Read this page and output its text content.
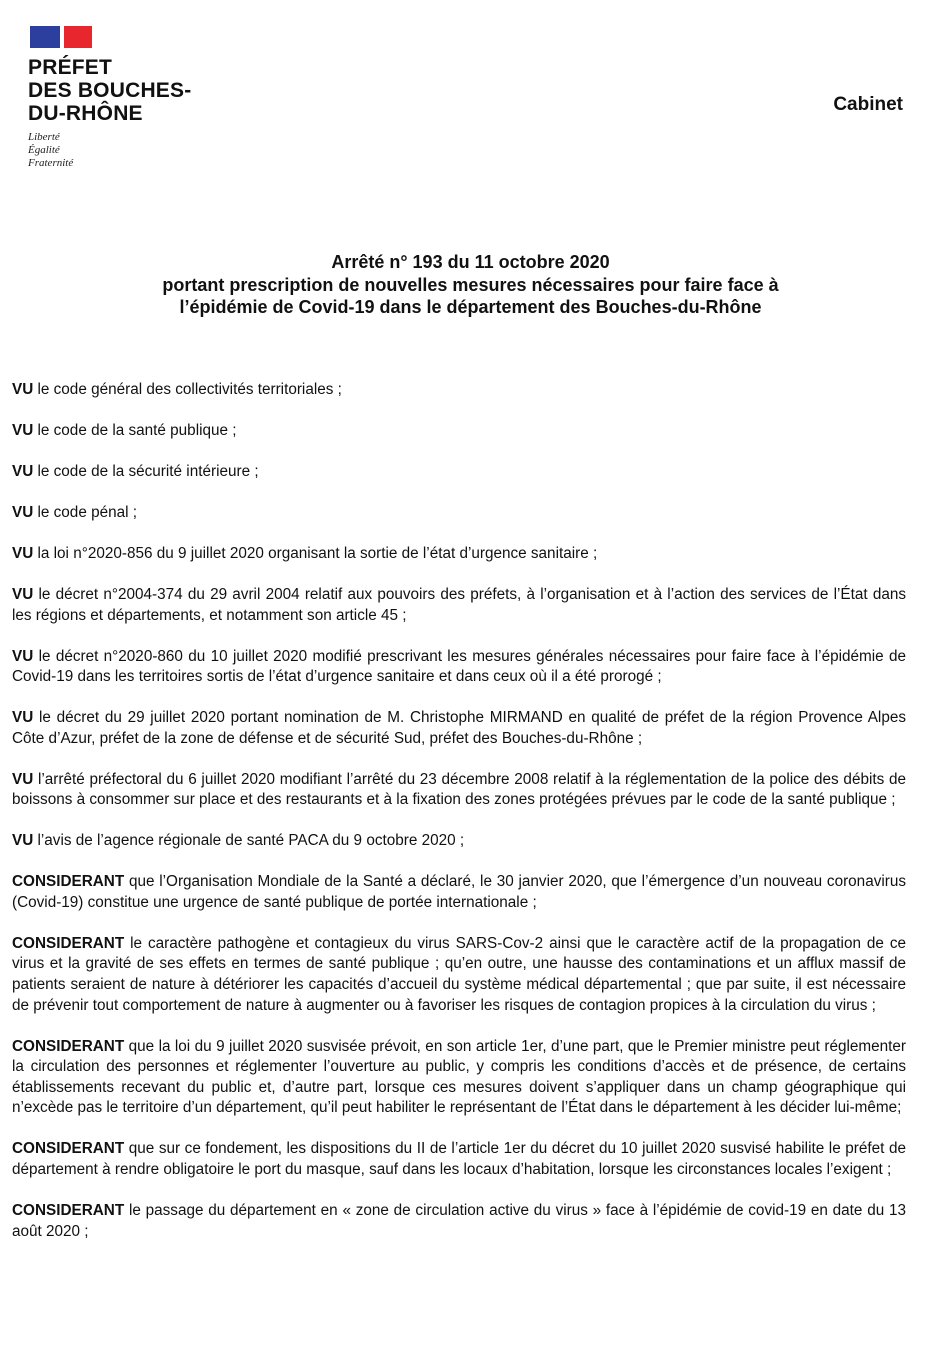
PRÉFET
DES BOUCHES-
DU-RHÔNE
Liberté
Égalité
Fraternité
Cabinet
Arrêté n° 193 du 11 octobre 2020
portant prescription de nouvelles mesures nécessaires pour faire face à
l’épidémie de Covid-19 dans le département des Bouches-du-Rhône

VU le code général des collectivités territoriales ;

VU le code de la santé publique ;

VU le code de la sécurité intérieure ;

VU le code pénal ;

VU la loi n°2020-856 du 9 juillet 2020 organisant la sortie de l’état d’urgence sanitaire ;

VU le décret n°2004-374 du 29 avril 2004 relatif aux pouvoirs des préfets, à l’organisation et à l’action des services de l’État dans les régions et départements, et notamment son article 45 ;

VU le décret n°2020-860 du 10 juillet 2020 modifié prescrivant les mesures générales nécessaires pour faire face à l’épidémie de Covid-19 dans les territoires sortis de l’état d’urgence sanitaire et dans ceux où il a été prorogé ;

VU le décret du 29 juillet 2020 portant nomination de M. Christophe MIRMAND en qualité de préfet de la région Provence Alpes Côte d’Azur, préfet de la zone de défense et de sécurité Sud, préfet des Bouches-du-Rhône ;

VU l’arrêté préfectoral du 6 juillet 2020 modifiant l’arrêté du 23 décembre 2008 relatif à la réglementation de la police des débits de boissons à consommer sur place et des restaurants et à la fixation des zones protégées prévues par le code de la santé publique ;

VU l’avis de l’agence régionale de santé PACA du 9 octobre 2020 ;

CONSIDERANT que l’Organisation Mondiale de la Santé a déclaré, le 30 janvier 2020, que l’émergence d’un nouveau coronavirus (Covid-19) constitue une urgence de santé publique de portée internationale ;

CONSIDERANT le caractère pathogène et contagieux du virus SARS-Cov-2 ainsi que le caractère actif de la propagation de ce virus et la gravité de ses effets en termes de santé publique ; qu’en outre, une hausse des contaminations et un afflux massif de patients seraient de nature à détériorer les capacités d’accueil du système médical départemental ; que par suite, il est nécessaire de prévenir tout comportement de nature à augmenter ou à favoriser les risques de contagion propices à la circulation du virus ;

CONSIDERANT que la loi du 9 juillet 2020 susvisée prévoit, en son article 1er, d’une part, que le Premier ministre peut réglementer la circulation des personnes et réglementer l’ouverture au public, y compris les conditions d’accès et de présence, de certains établissements recevant du public et, d’autre part, lorsque ces mesures doivent s’appliquer dans un champ géographique qui n’excède pas le territoire d’un département, qu’il peut habiliter le représentant de l’État dans le département à les décider lui-même;

CONSIDERANT que sur ce fondement, les dispositions du II de l’article 1er du décret du 10 juillet 2020 susvisé habilite le préfet de département à rendre obligatoire le port du masque, sauf dans les locaux d’habitation, lorsque les circonstances locales l’exigent ;

CONSIDERANT le passage du département en « zone de circulation active du virus » face à l’épidémie de covid-19 en date du 13 août 2020 ;
